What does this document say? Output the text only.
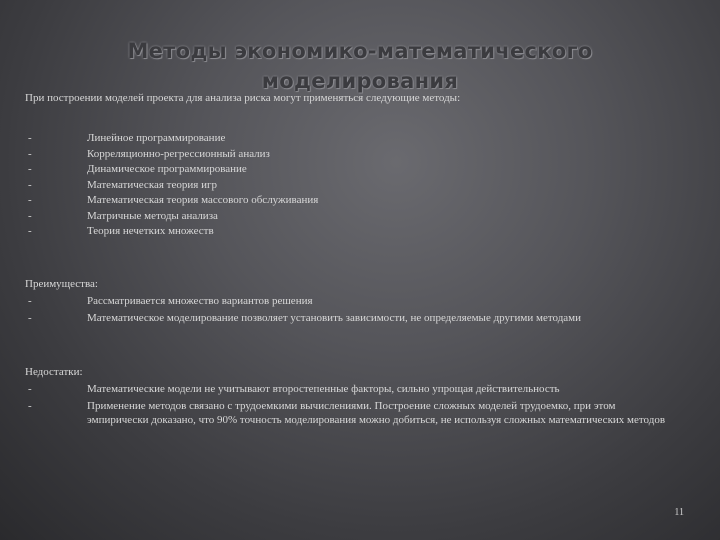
Методы экономико-математического моделирования
При построении моделей проекта для анализа риска могут применяться следующие методы:
-	Линейное программирование
-	Корреляционно-регрессионный анализ
-	Динамическое программирование
-	Математическая теория игр
-	Математическая теория массового обслуживания
-	Матричные методы анализа
-	Теория нечетких множеств
Преимущества:
-	Рассматривается множество вариантов решения
-	Математическое моделирование позволяет установить зависимости, не определяемые другими методами
Недостатки:
-	Математические модели не учитывают второстепенные факторы, сильно упрощая действительность
-	Применение методов связано с трудоемкими вычислениями. Построение сложных моделей трудоемко, при этом эмпирически доказано, что 90% точность моделирования можно добиться, не используя сложных математических методов
11
